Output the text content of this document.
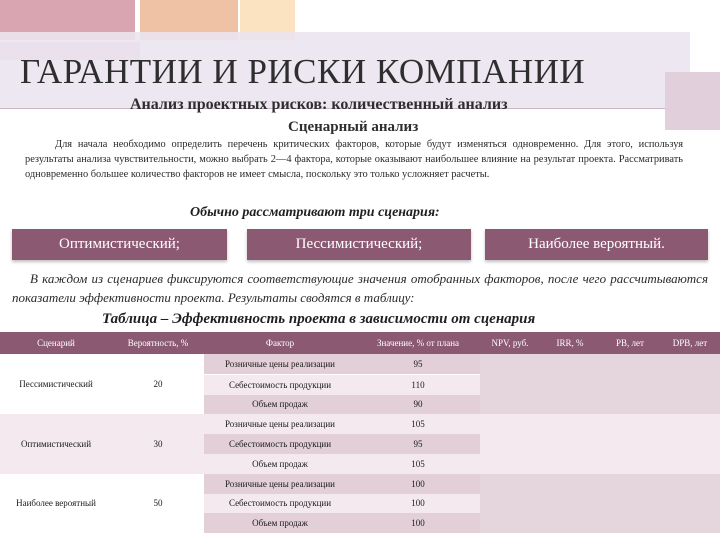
ГАРАНТИИ И РИСКИ КОМПАНИИ
Анализ проектных рисков: количественный анализ
Сценарный анализ
Для начала необходимо определить перечень критических факторов, которые будут изменяться одновременно. Для этого, используя результаты анализа чувствительности, можно выбрать 2—4 фактора, которые оказывают наибольшее влияние на результат проекта. Рассматривать одновременно большее количество факторов не имеет смысла, поскольку это только усложняет расчеты.
Обычно рассматривают три сценария:
Оптимистический;	Пессимистический;	Наиболее вероятный.
В каждом из сценариев фиксируются соответствующие значения отобранных факторов, после чего рассчитываются показатели эффективности проекта. Результаты сводятся в таблицу:
Таблица – Эффективность проекта в зависимости от сценария
Сценарий	Вероятность, %	Фактор	Значение, % от плана	NPV, руб.	IRR, %	PB, лет	DPB, лет
Пессимистический	20	Розничные цены реализации	95				
		Себестоимость продукции	110				
		Объем продаж	90				
Оптимистический	30	Розничные цены реализации	105				
		Себестоимость продукции	95				
		Объем продаж	105				
Наиболее вероятный	50	Розничные цены реализации	100				
		Себестоимость продукции	100				
		Объем продаж	100				
